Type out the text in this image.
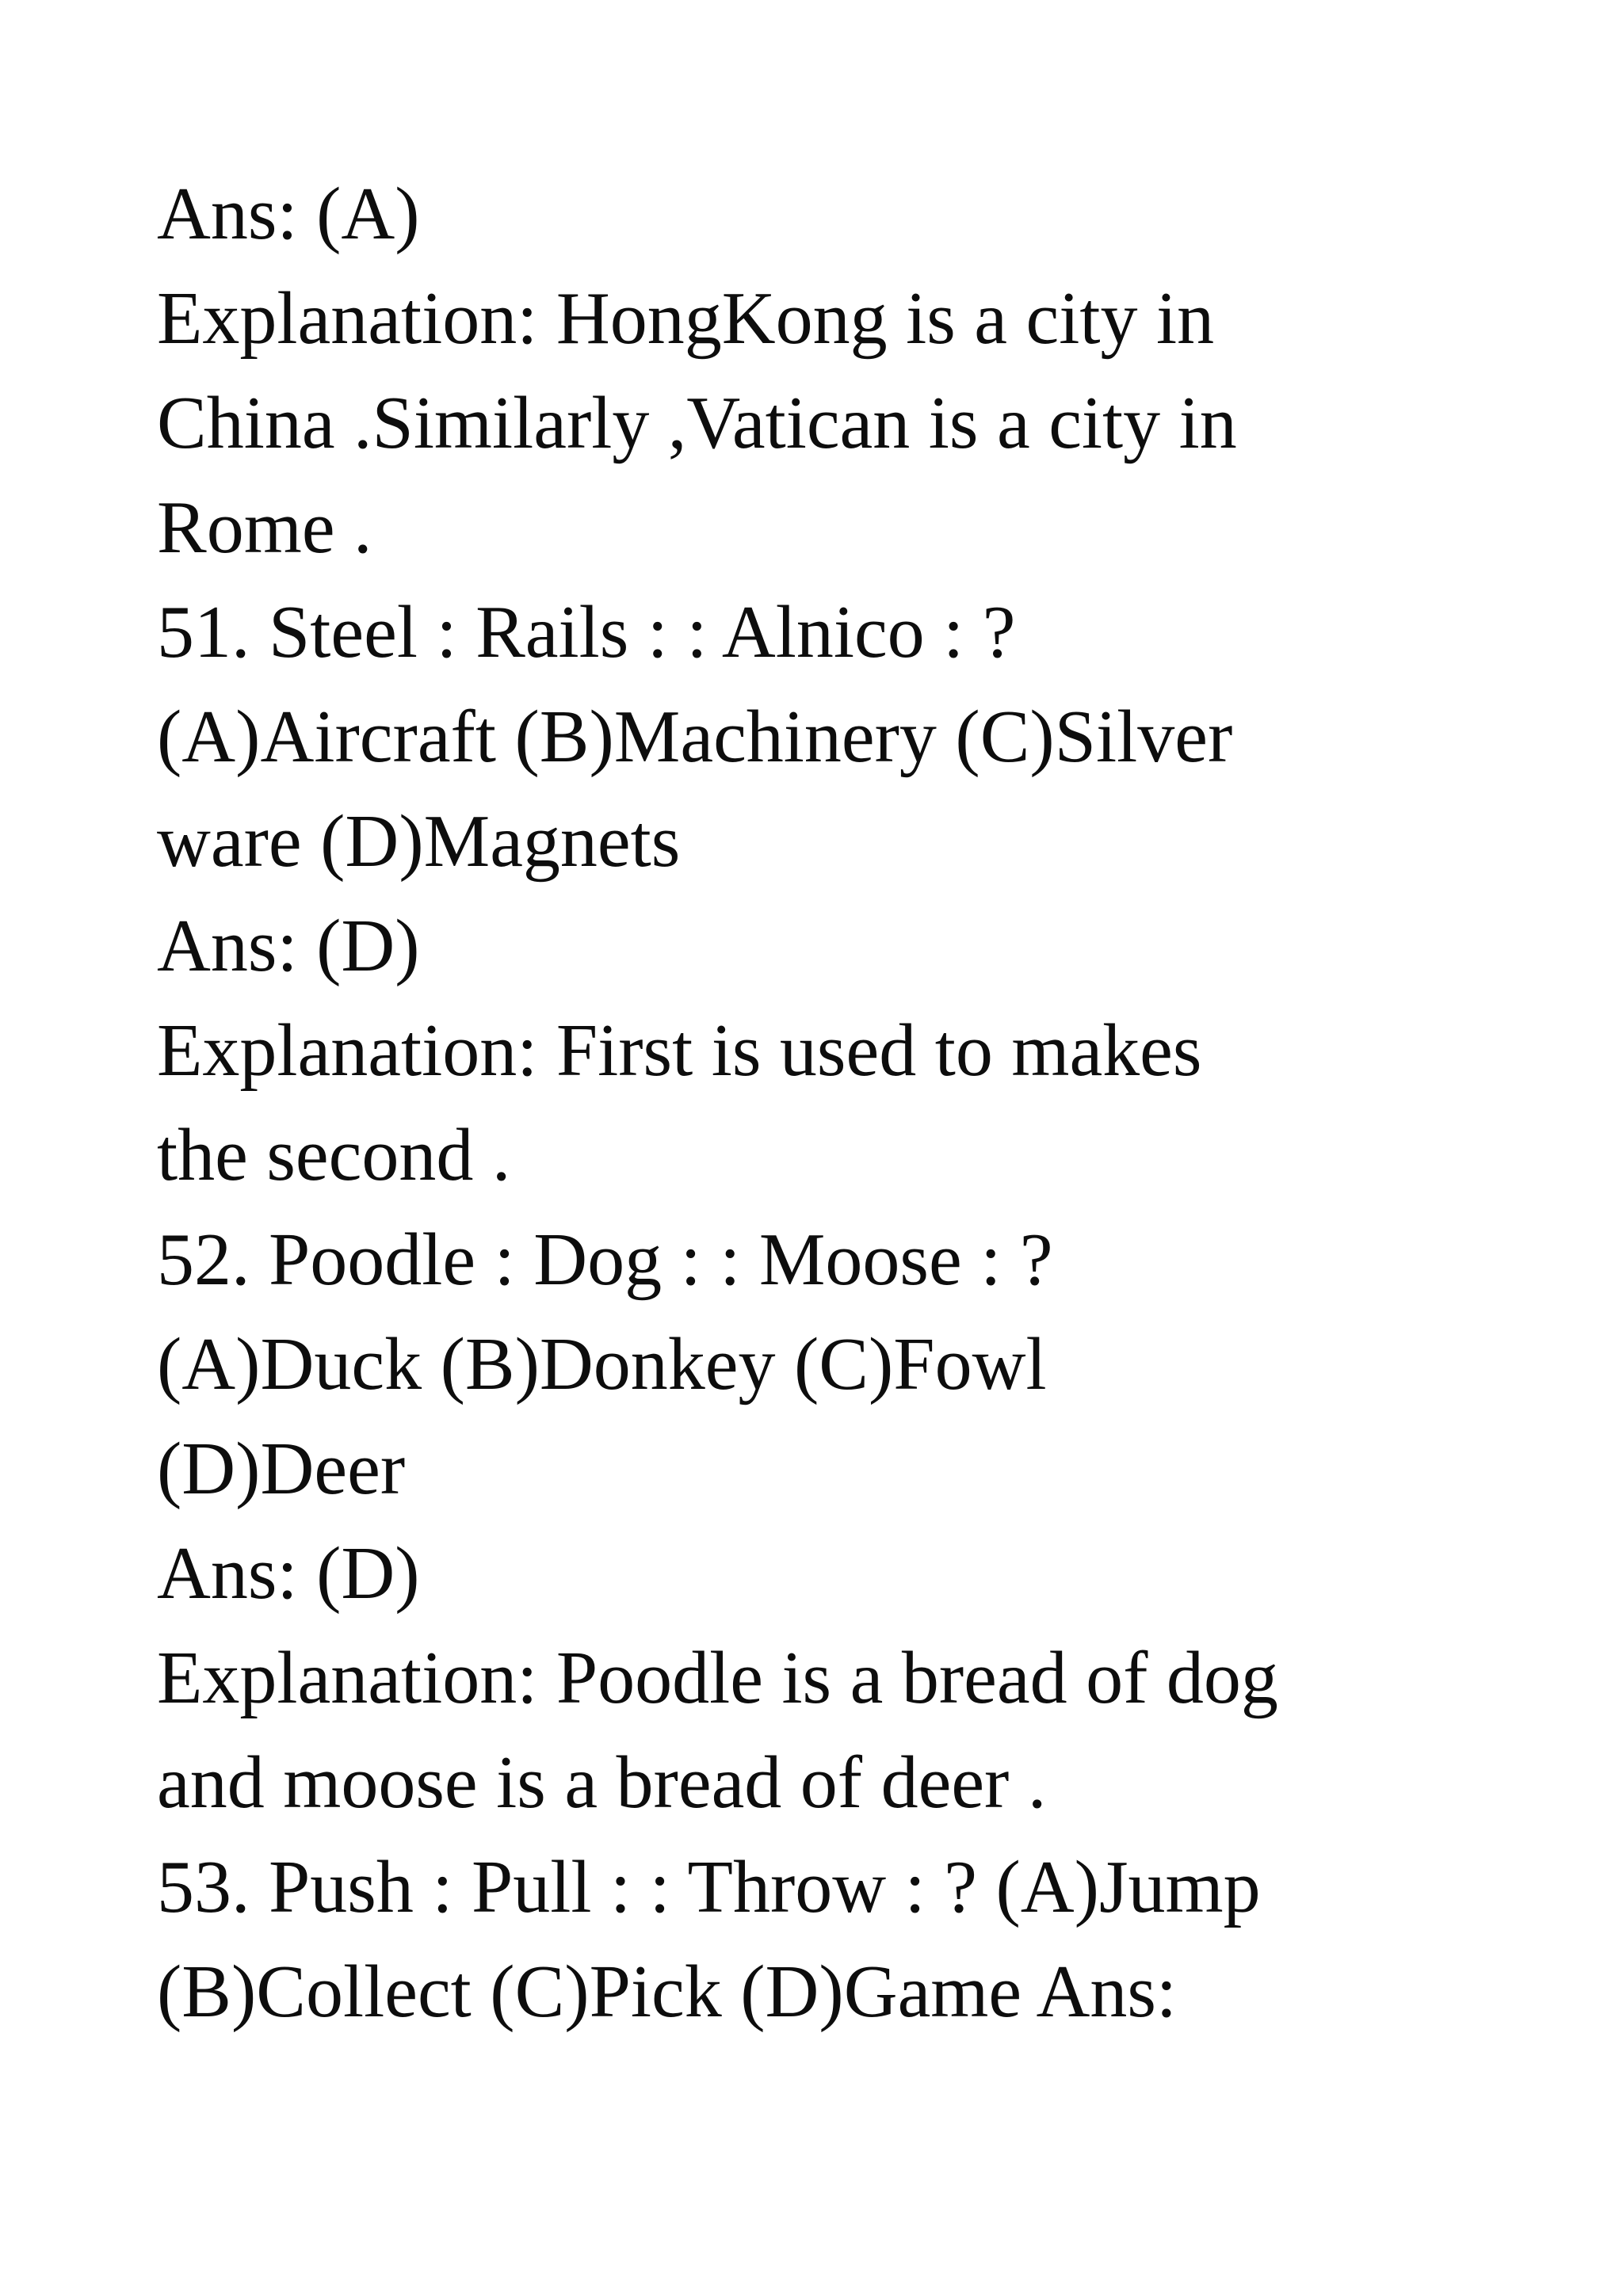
Ans: (A)

Explanation: HongKong is a city in

China .Similarly ,Vatican is a city in

Rome .

51. Steel : Rails : : Alnico : ?

(A)Aircraft (B)Machinery (C)Silver

ware (D)Magnets

Ans: (D)

Explanation: First is used to makes

the second .

52. Poodle : Dog : : Moose : ?

(A)Duck (B)Donkey (C)Fowl

(D)Deer

Ans: (D)

Explanation: Poodle is a bread of dog

and moose is a bread of deer .

53. Push : Pull : : Throw : ? (A)Jump

(B)Collect (C)Pick (D)Game Ans:
